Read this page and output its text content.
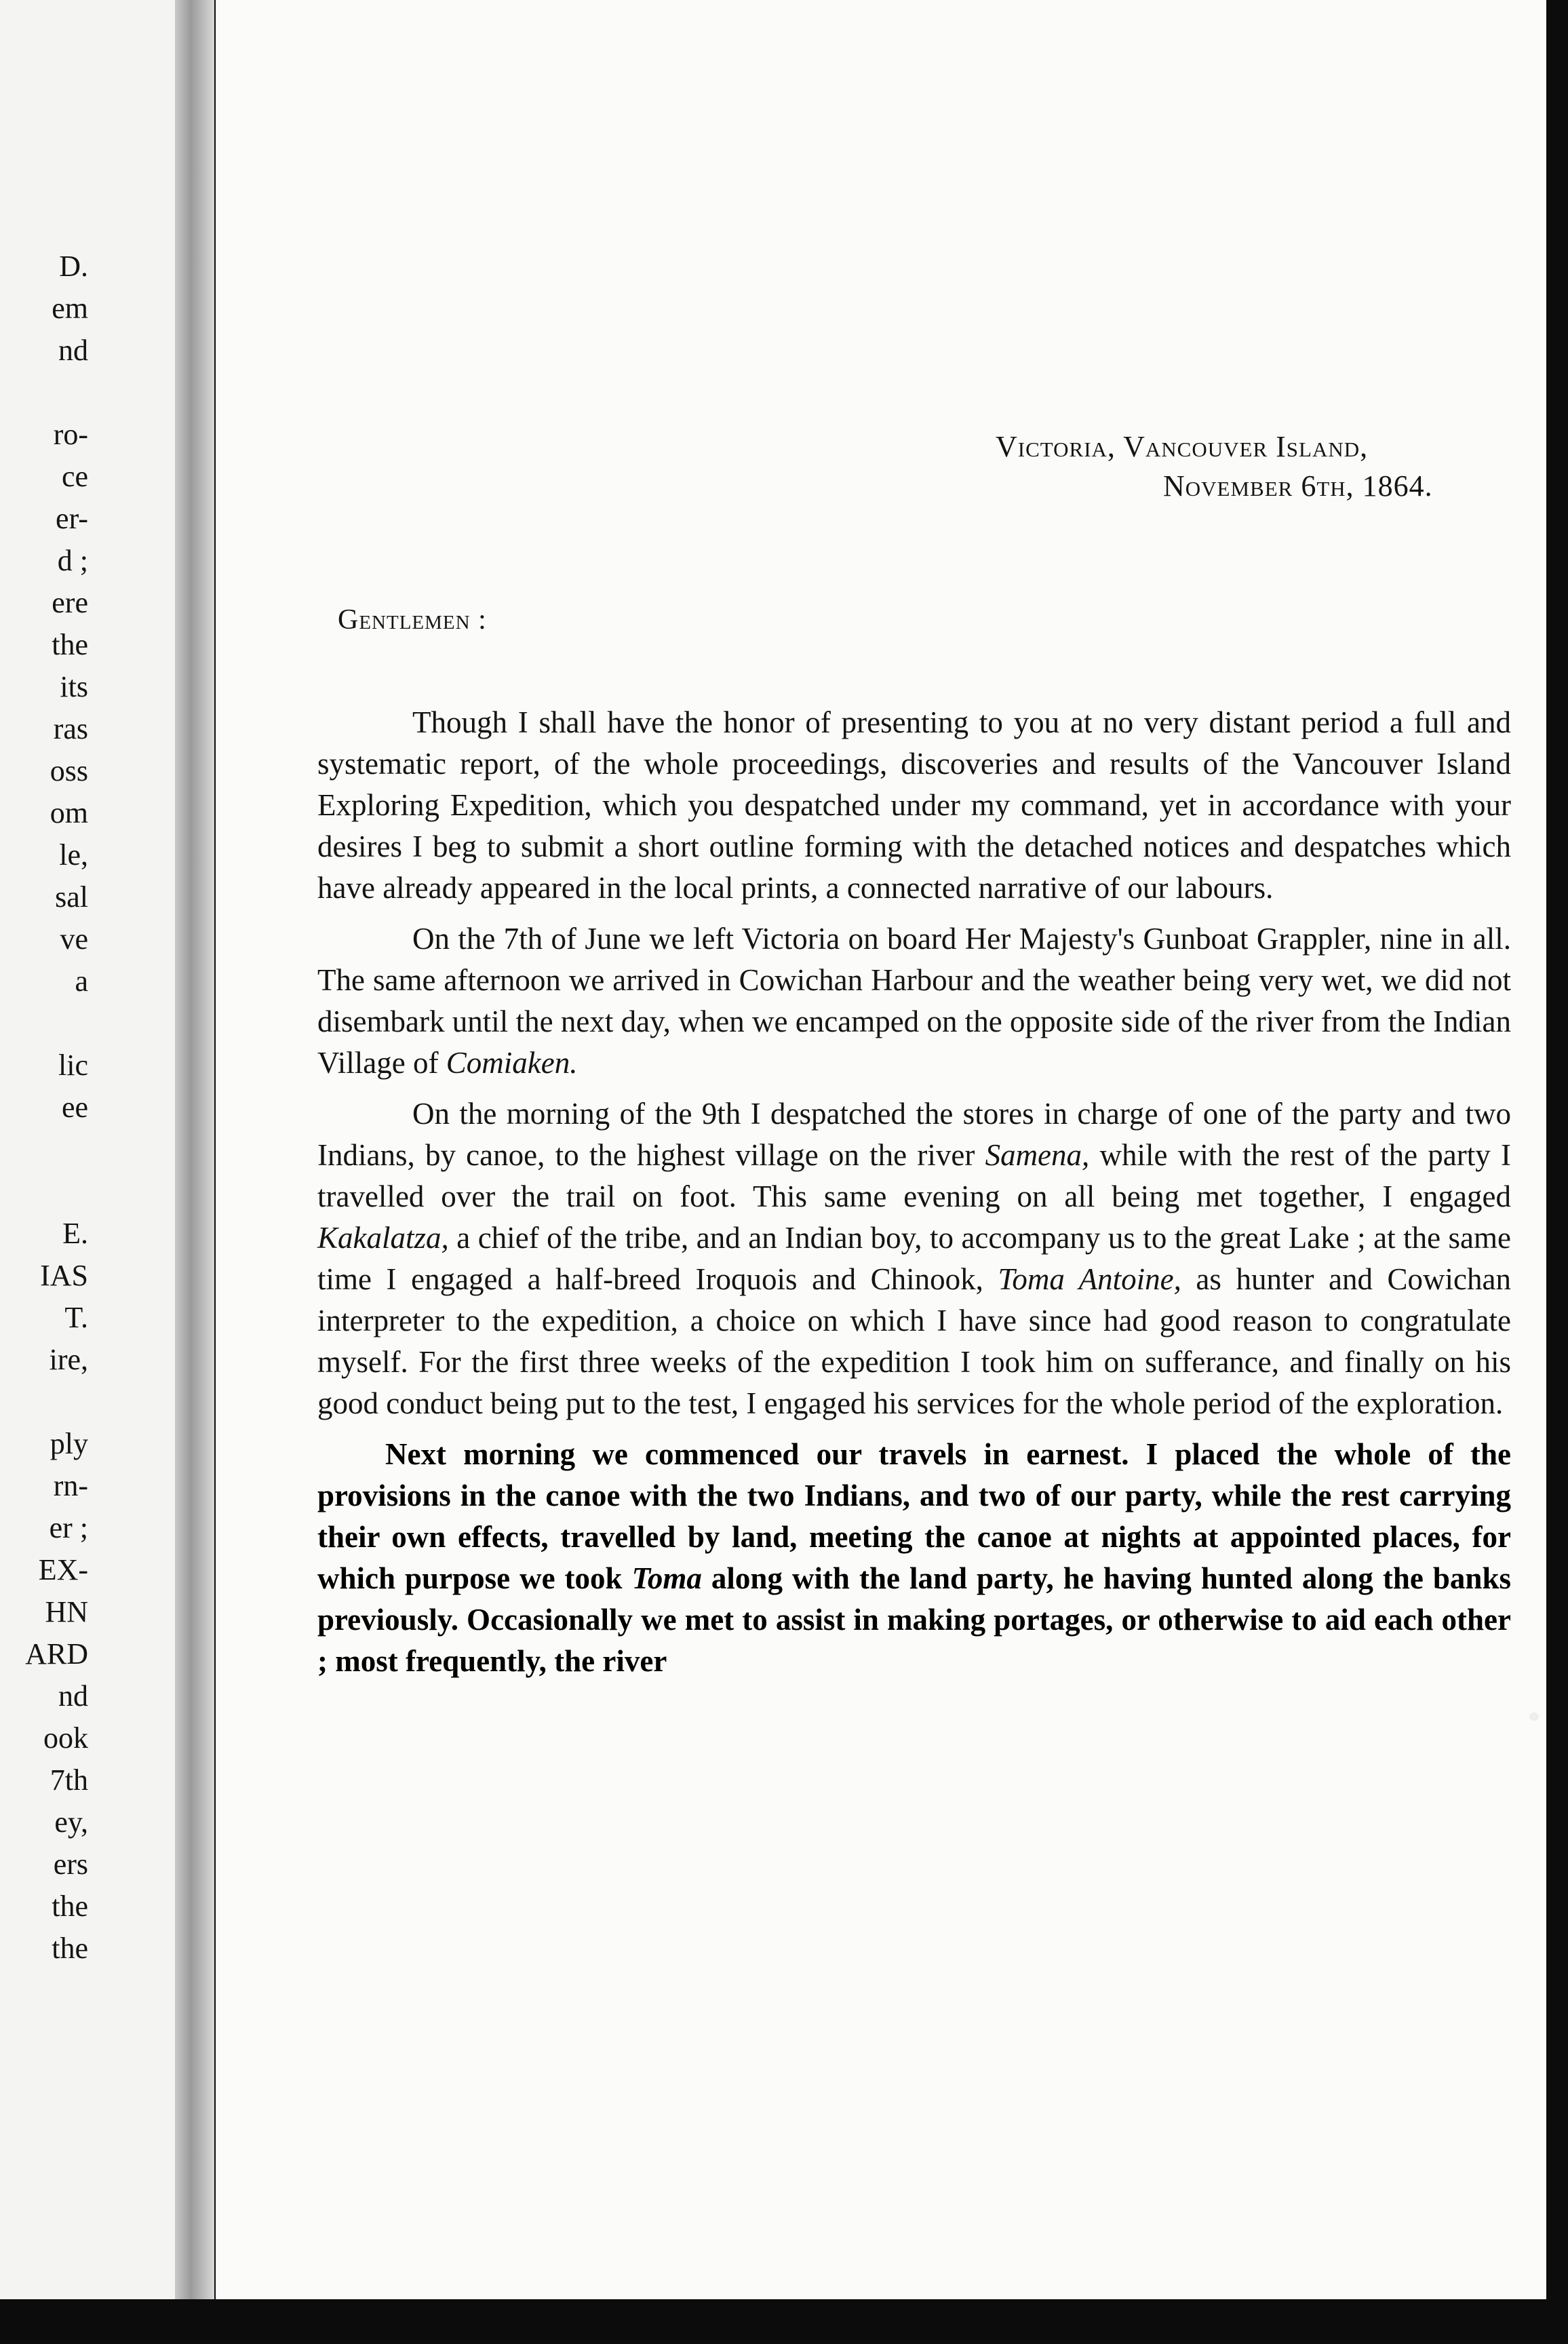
D.
em
nd
ro-
ce
er-
d ;
ere
the
its
ras
oss
om
le,
sal
ve
a
lic
ee
E.
IAS
T.
ire,
ply
rn-
er ;
EX-
HN
ARD
nd
ook
7th
ey,
ers
the
the
Victoria, Vancouver Island,
November 6th, 1864.
Gentlemen :

Though I shall have the honor of presenting to you at no very distant period a full and systematic report, of the whole proceedings, discoveries and results of the Vancouver Island Exploring Expedition, which you despatched under my command, yet in accordance with your desires I beg to submit a short outline forming with the detached notices and despatches which have already appeared in the local prints, a connected narrative of our labours.

On the 7th of June we left Victoria on board Her Majesty's Gunboat Grappler, nine in all. The same afternoon we arrived in Cowichan Harbour and the weather being very wet, we did not disembark until the next day, when we encamped on the opposite side of the river from the Indian Village of Comiaken.

On the morning of the 9th I despatched the stores in charge of one of the party and two Indians, by canoe, to the highest village on the river Samena, while with the rest of the party I travelled over the trail on foot. This same evening on all being met together, I engaged Kakalatza, a chief of the tribe, and an Indian boy, to accompany us to the great Lake ; at the same time I engaged a half-breed Iroquois and Chinook, Toma Antoine, as hunter and Cowichan interpreter to the expedition, a choice on which I have since had good reason to congratulate myself. For the first three weeks of the expedition I took him on sufferance, and finally on his good conduct being put to the test, I engaged his services for the whole period of the exploration.

Next morning we commenced our travels in earnest. I placed the whole of the provisions in the canoe with the two Indians, and two of our party, while the rest carrying their own effects, travelled by land, meeting the canoe at nights at appointed places, for which purpose we took Toma along with the land party, he having hunted along the banks previously. Occasionally we met to assist in making portages, or otherwise to aid each other ; most frequently, the river
